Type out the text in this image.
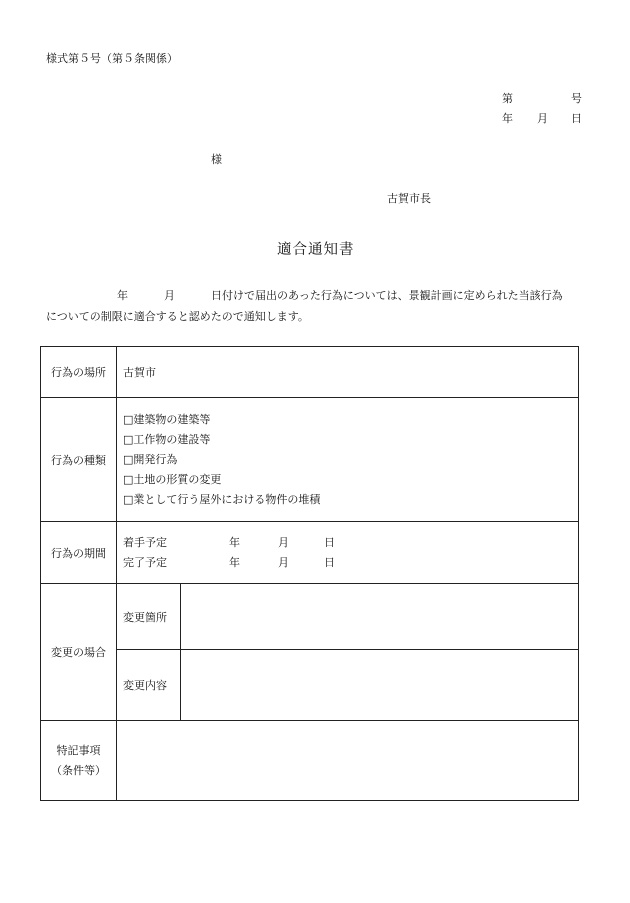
様式第５号（第５条関係）
第	号
年 月 日
様
古賀市長
適合通知書
年	月	日付けで届出のあった行為については、景観計画に定められた当該行為
についての制限に適合すると認めたので通知します。
行為の場所	古賀市	
行為の種類	□建築物の建築等
□工作物の建設等
□開発行為
□土地の形質の変更
□業として行う屋外における物件の堆積	

行為の期間	着手予定 年 月 日
完了予定 年 月 日	

変更の場合	変更箇所	
	変更内容	

特記事項
（条件等）		
